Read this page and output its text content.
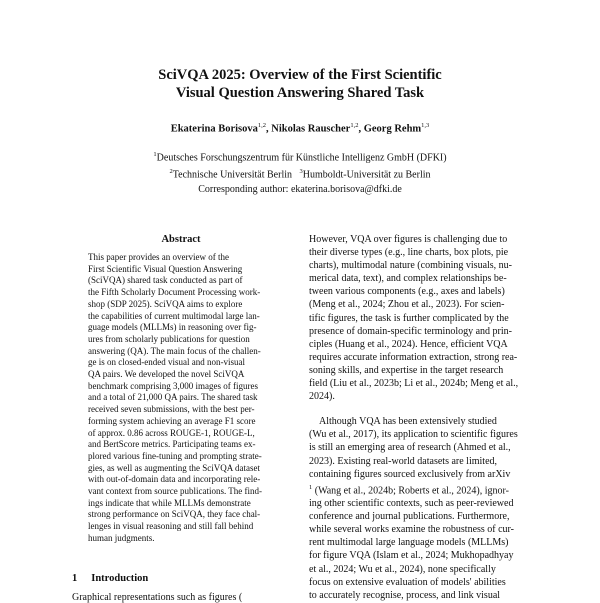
SciVQA 2025: Overview of the First Scientific
Visual Question Answering Shared Task
Ekaterina Borisova$^{1,2}$, Nikolas Rauscher$^{1,2}$, Georg Rehm$^{1,3}$
$^1$Deutsches Forschungszentrum für Künstliche Intelligenz GmbH (DFKI)
$^2$Technische Universität Berlin $^3$Humboldt-Universität zu Berlin
Corresponding author: ekaterina.borisova@dfki.de
Abstract
This paper provides an overview of the
First Scientific Visual Question Answering
(SciVQA) shared task conducted as part of
the Fifth Scholarly Document Processing work-
shop (SDP 2025). SciVQA aims to explore
the capabilities of current multimodal large lan-
guage models (MLLMs) in reasoning over fig-
ures from scholarly publications for question
answering (QA). The main focus of the challen-
ge is on closed-ended visual and non-visual
QA pairs. We developed the novel SciVQA
benchmark comprising 3,000 images of figures
and a total of 21,000 QA pairs. The shared task
received seven submissions, with the best per-
forming system achieving an average F1 score
of approx. 0.86 across ROUGE-1, ROUGE-L,
and BertScore metrics. Participating teams ex-
plored various fine-tuning and prompting strate-
gies, as well as augmenting the SciVQA dataset
with out-of-domain data and incorporating rele-
vant context from source publications. The find-
ings indicate that while MLLMs demonstrate
strong performance on SciVQA, they face chal-
lenges in visual reasoning and still fall behind
human judgments.
1 Introduction
Graphical representations such as figures (
However, VQA over figures is challenging due to
their diverse types (e.g., line charts, box plots, pie
charts), multimodal nature (combining visuals, nu-
merical data, text), and complex relationships be-
tween various components (e.g., axes and labels)
(Meng et al., 2024; Zhou et al., 2023). For scien-
tific figures, the task is further complicated by the
presence of domain-specific terminology and prin-
ciples (Huang et al., 2024). Hence, efficient VQA
requires accurate information extraction, strong rea-
soning skills, and expertise in the target research
field (Liu et al., 2023b; Li et al., 2024b; Meng et al.,
2024).
Although VQA has been extensively studied
(Wu et al., 2017), its application to scientific figures
is still an emerging area of research (Ahmed et al.,
2023). Existing real-world datasets are limited,
containing figures sourced exclusively from arXiv
$^1$ (Wang et al., 2024b; Roberts et al., 2024), ignor-
ing other scientific contexts, such as peer-reviewed
conference and journal publications. Furthermore,
while several works examine the robustness of cur-
rent multimodal large language models (MLLMs)
for figure VQA (Islam et al., 2024; Mukhopadhyay
et al., 2024; Wu et al., 2024), none specifically
focus on extensive evaluation of models' abilities
to accurately recognise, process, and link visual
